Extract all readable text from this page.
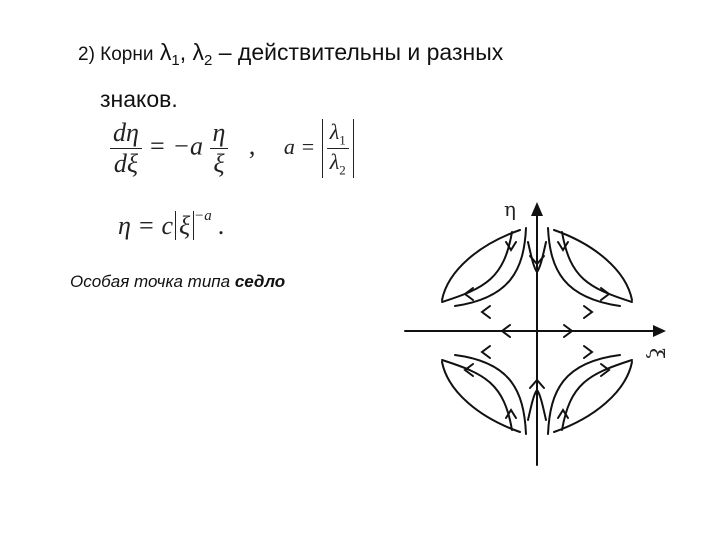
2) Корни $\lambda_1$, $\lambda_2$ – действительны и разных
знаков.
$\frac{d\eta}{d\xi} = -a \frac{\eta}{\xi}$ , $a = \frac{\lambda_1}{\lambda_2}$
η = c ξ $^{-a}$ .
Особая точка типа седло
η
ξ
